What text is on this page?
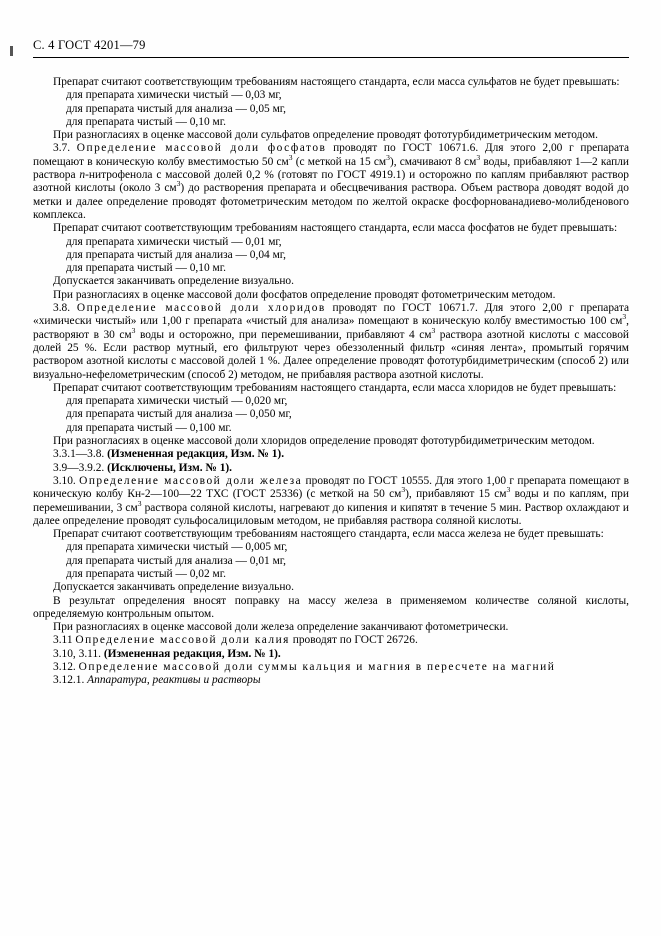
С. 4 ГОСТ 4201—79

Препарат считают соответствующим требованиям настоящего стандарта, если масса сульфатов не будет превышать:

для препарата химически чистый — 0,03 мг,

для препарата чистый для анализа — 0,05 мг,

для препарата чистый — 0,10 мг.

При разногласиях в оценке массовой доли сульфатов определение проводят фототурбидиметрическим методом.

3.7. Определение массовой доли фосфатов проводят по ГОСТ 10671.6. Для этого 2,00 г препарата помещают в коническую колбу вместимостью 50 $см^3$ (с меткой на 15 $см^3$), смачивают 8 $см^3$ воды, прибавляют 1—2 капли раствора п-нитрофенола с массовой долей 0,2 % (готовят по ГОСТ 4919.1) и осторожно по каплям прибавляют раствор азотной кислоты (около 3 $см^3$) до растворения препарата и обесцвечивания раствора. Объем раствора доводят водой до метки и далее определение проводят фотометрическим методом по желтой окраске фосфорнованадиево-молибденового комплекса.

Препарат считают соответствующим требованиям настоящего стандарта, если масса фосфатов не будет превышать:

для препарата химически чистый — 0,01 мг,

для препарата чистый для анализа — 0,04 мг,

для препарата чистый — 0,10 мг.

Допускается заканчивать определение визуально.

При разногласиях в оценке массовой доли фосфатов определение проводят фотометрическим методом.

3.8. Определение массовой доли хлоридов проводят по ГОСТ 10671.7. Для этого 2,00 г препарата «химически чистый» или 1,00 г препарата «чистый для анализа» помещают в коническую колбу вместимостью 100 $см^3$, растворяют в 30 $см^3$ воды и осторожно, при перемешивании, прибавляют 4 $см^3$ раствора азотной кислоты с массовой долей 25 %. Если раствор мутный, его фильтруют через обеззоленный фильтр «синяя лента», промытый горячим раствором азотной кислоты с массовой долей 1 %. Далее определение проводят фототурбидиметрическим (способ 2) или визуально-нефелометрическим (способ 2) методом, не прибавляя раствора азотной кислоты.

Препарат считают соответствующим требованиям настоящего стандарта, если масса хлоридов не будет превышать:

для препарата химически чистый — 0,020 мг,

для препарата чистый для анализа — 0,050 мг,

для препарата чистый — 0,100 мг.

При разногласиях в оценке массовой доли хлоридов определение проводят фототурбидиметрическим методом.

3.3.1—3.8. (Измененная редакция, Изм. № 1).

3.9—3.9.2. (Исключены, Изм. № 1).

3.10. Определение массовой доли железа проводят по ГОСТ 10555. Для этого 1,00 г препарата помещают в коническую колбу Кн-2—100—22 ТХС (ГОСТ 25336) (с меткой на 50 $см^3$), прибавляют 15 $см^3$ воды и по каплям, при перемешивании, 3 $см^3$ раствора соляной кислоты, нагревают до кипения и кипятят в течение 5 мин. Раствор охлаждают и далее определение проводят сульфосалициловым методом, не прибавляя раствора соляной кислоты.

Препарат считают соответствующим требованиям настоящего стандарта, если масса железа не будет превышать:

для препарата химически чистый — 0,005 мг,

для препарата чистый для анализа — 0,01 мг,

для препарата чистый — 0,02 мг.

Допускается заканчивать определение визуально.

В результат определения вносят поправку на массу железа в применяемом количестве соляной кислоты, определяемую контрольным опытом.

При разногласиях в оценке массовой доли железа определение заканчивают фотометрически.

3.11 Определение массовой доли калия проводят по ГОСТ 26726.

3.10, 3.11. (Измененная редакция, Изм. № 1).

3.12. Определение массовой доли суммы кальция и магния в пересчете на магний

3.12.1. Аппаратура, реактивы и растворы
